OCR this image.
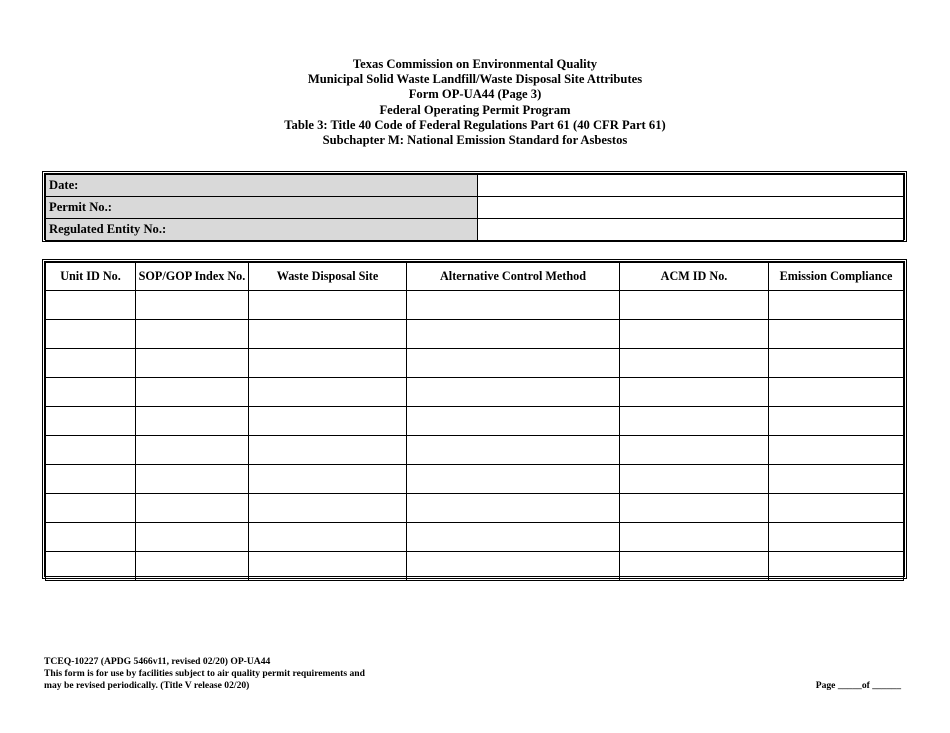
Texas Commission on Environmental Quality
Municipal Solid Waste Landfill/Waste Disposal Site Attributes
Form OP-UA44 (Page 3)
Federal Operating Permit Program
Table 3: Title 40 Code of Federal Regulations Part 61 (40 CFR Part 61)
Subchapter M: National Emission Standard for Asbestos
Date:	
Permit No.:	
Regulated Entity No.:	
Unit ID No.	SOP/GOP Index No.	Waste Disposal Site	Alternative Control Method	ACM ID No.	Emission Compliance

TCEQ-10227 (APDG 5466v11, revised 02/20) OP-UA44
This form is for use by facilities subject to air quality permit requirements and
may be revised periodically. (Title V release 02/20)	Page _____of ______
